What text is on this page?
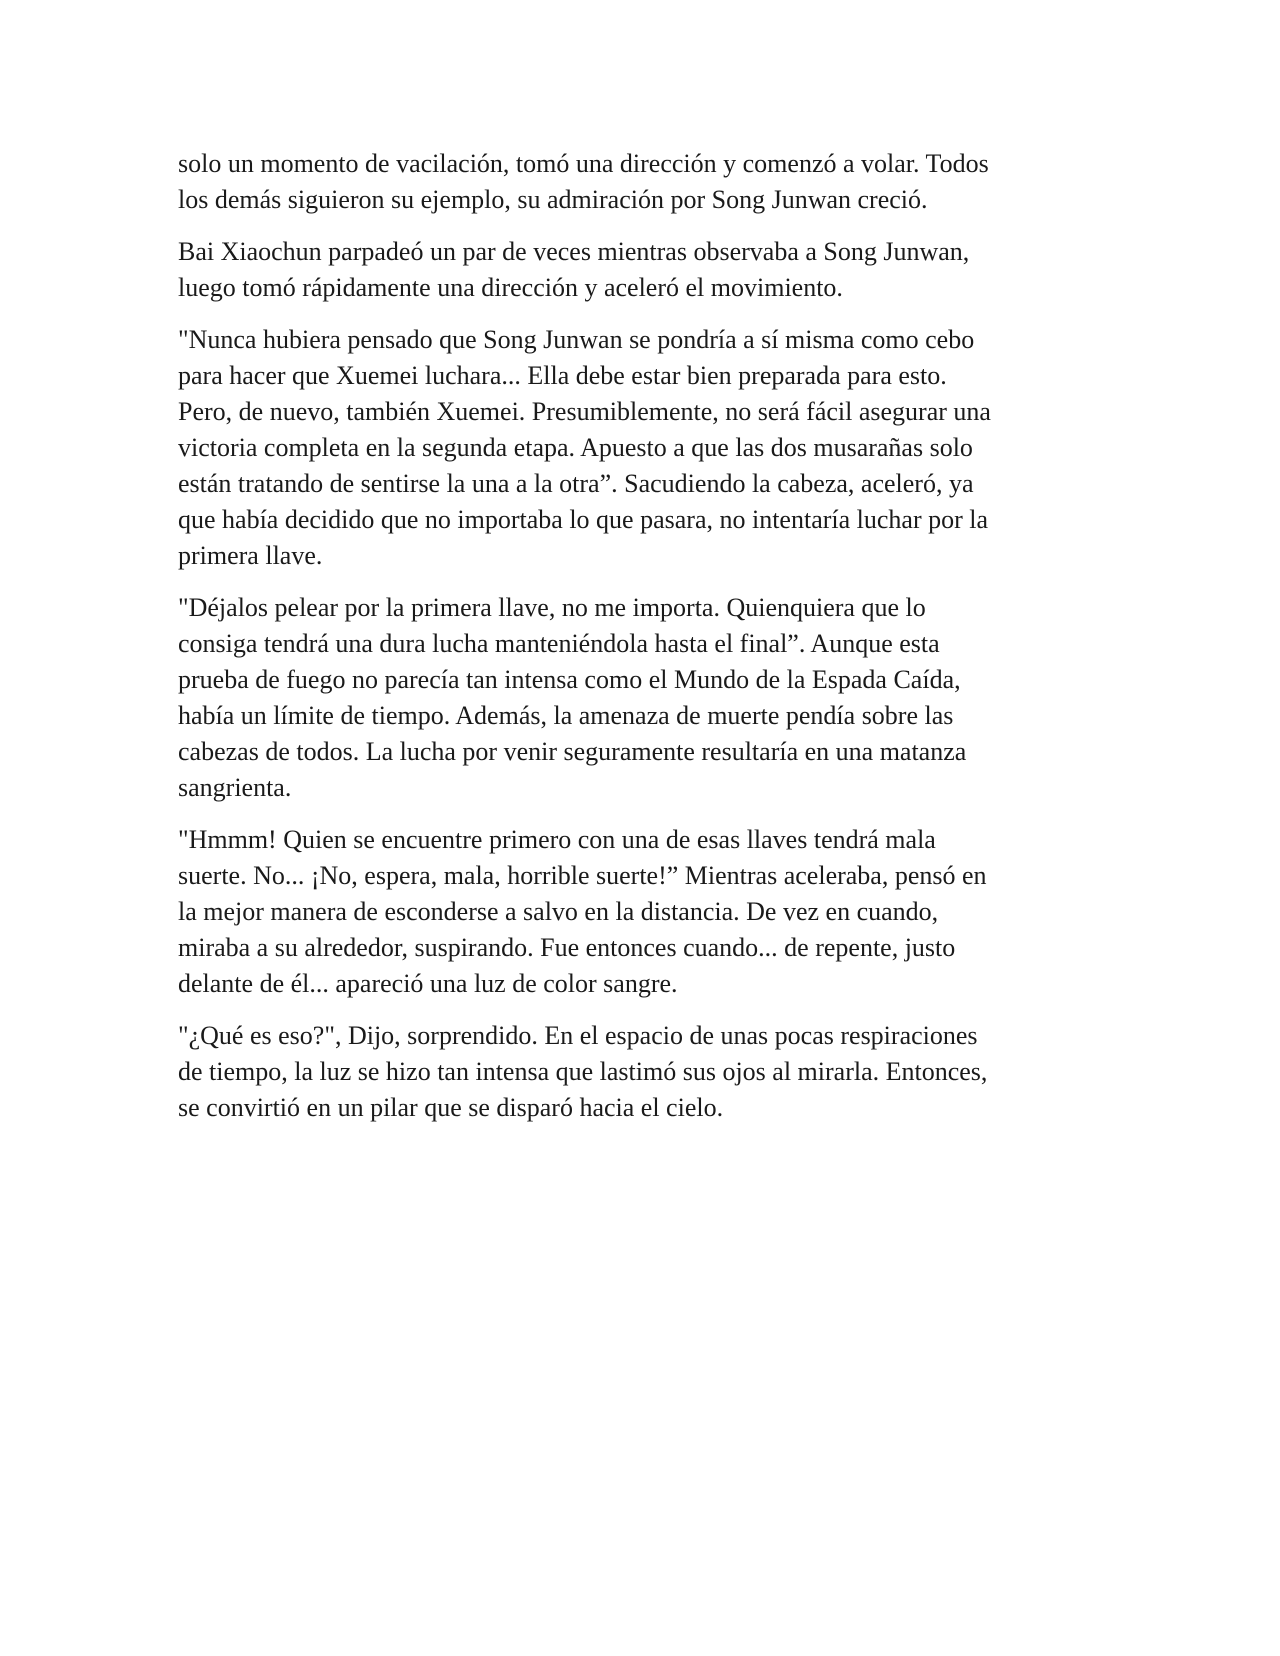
solo un momento de vacilación, tomó una dirección y comenzó a volar. Todos
los demás siguieron su ejemplo, su admiración por Song Junwan creció.

Bai Xiaochun parpadeó un par de veces mientras observaba a Song Junwan,
luego tomó rápidamente una dirección y aceleró el movimiento.

"Nunca hubiera pensado que Song Junwan se pondría a sí misma como cebo
para hacer que Xuemei luchara... Ella debe estar bien preparada para esto.
Pero, de nuevo, también Xuemei. Presumiblemente, no será fácil asegurar una
victoria completa en la segunda etapa. Apuesto a que las dos musarañas solo
están tratando de sentirse la una a la otra”. Sacudiendo la cabeza, aceleró, ya
que había decidido que no importaba lo que pasara, no intentaría luchar por la
primera llave.

"Déjalos pelear por la primera llave, no me importa. Quienquiera que lo
consiga tendrá una dura lucha manteniéndola hasta el final”. Aunque esta
prueba de fuego no parecía tan intensa como el Mundo de la Espada Caída,
había un límite de tiempo. Además, la amenaza de muerte pendía sobre las
cabezas de todos. La lucha por venir seguramente resultaría en una matanza
sangrienta.

"Hmmm! Quien se encuentre primero con una de esas llaves tendrá mala
suerte. No... ¡No, espera, mala, horrible suerte!” Mientras aceleraba, pensó en
la mejor manera de esconderse a salvo en la distancia. De vez en cuando,
miraba a su alrededor, suspirando. Fue entonces cuando... de repente, justo
delante de él... apareció una luz de color sangre.

"¿Qué es eso?", Dijo, sorprendido. En el espacio de unas pocas respiraciones
de tiempo, la luz se hizo tan intensa que lastimó sus ojos al mirarla. Entonces,
se convirtió en un pilar que se disparó hacia el cielo.
